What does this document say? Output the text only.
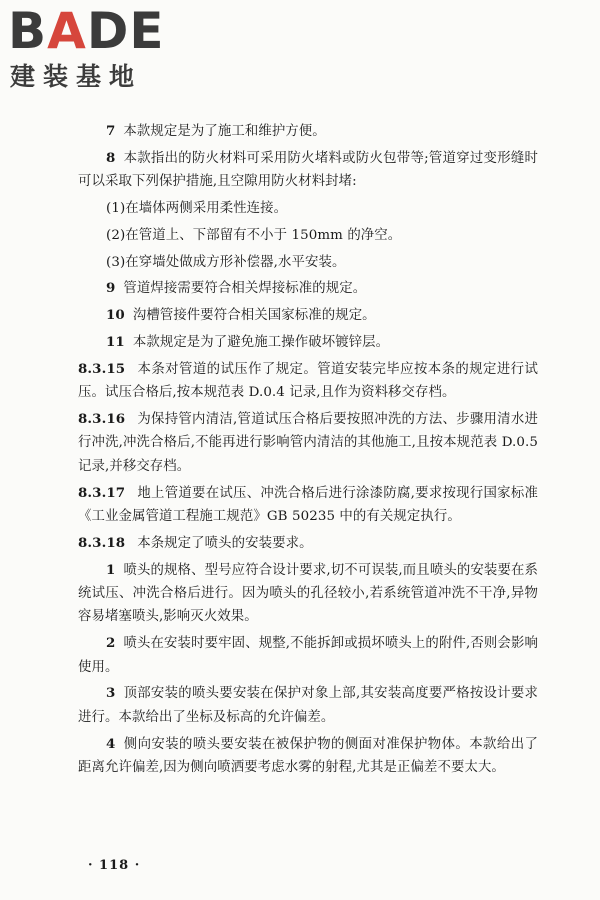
BADE
建装基地

7 本款规定是为了施工和维护方便。

8 本款指出的防火材料可采用防火堵料或防火包带等;管道穿过变形缝时可以采取下列保护措施,且空隙用防火材料封堵:

(1)在墙体两侧采用柔性连接。

(2)在管道上、下部留有不小于 150mm 的净空。

(3)在穿墙处做成方形补偿器,水平安装。

9 管道焊接需要符合相关焊接标准的规定。

10 沟槽管接件要符合相关国家标准的规定。

11 本款规定是为了避免施工操作破坏镀锌层。

8.3.15 本条对管道的试压作了规定。管道安装完毕应按本条的规定进行试压。试压合格后,按本规范表 D.0.4 记录,且作为资料移交存档。

8.3.16 为保持管内清洁,管道试压合格后要按照冲洗的方法、步骤用清水进行冲洗,冲洗合格后,不能再进行影响管内清洁的其他施工,且按本规范表 D.0.5 记录,并移交存档。

8.3.17 地上管道要在试压、冲洗合格后进行涂漆防腐,要求按现行国家标准《工业金属管道工程施工规范》GB 50235 中的有关规定执行。

8.3.18 本条规定了喷头的安装要求。

1 喷头的规格、型号应符合设计要求,切不可误装,而且喷头的安装要在系统试压、冲洗合格后进行。因为喷头的孔径较小,若系统管道冲洗不干净,异物容易堵塞喷头,影响灭火效果。

2 喷头在安装时要牢固、规整,不能拆卸或损坏喷头上的附件,否则会影响使用。

3 顶部安装的喷头要安装在保护对象上部,其安装高度要严格按设计要求进行。本款给出了坐标及标高的允许偏差。

4 侧向安装的喷头要安装在被保护物的侧面对准保护物体。本款给出了距离允许偏差,因为侧向喷洒要考虑水雾的射程,尤其是正偏差不要太大。

· 118 ·
